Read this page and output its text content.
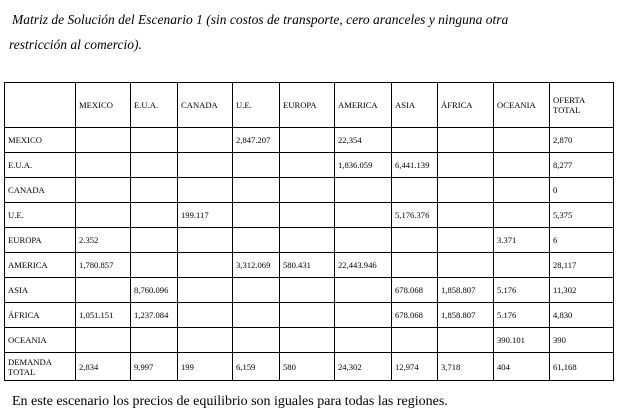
Matriz de Solución del Escenario 1 (sin costos de transporte, cero aranceles y ninguna otra
restricción al comercio).
	MEXICO	E.U.A.	CANADA	U.E.	EUROPA	AMERICA	ASIA	ÁFRICA	OCEANIA	OFERTA TOTAL
MEXICO				2,847.207		22,354				2,870
E.U.A.						1,836.059	6,441.139			8,277
CANADA										0
U.E.			199.117				5,176.376			5,375
EUROPA	2.352								3.371	6
AMERICA	1,780.857			3,312.069	580.431	22,443.946				28,117
ASIA		8,760.096					678.068	1,858.807	5.176	11,302
ÁFRICA	1,051.151	1,237.084					678.068	1,858.807	5.176	4,830
OCEANIA									390.101	390
DEMANDA TOTAL	2,834	9,997	199	6,159	580	24,302	12,974	3,718	404	61,168
En este escenario los precios de equilibrio son iguales para todas las regiones.
